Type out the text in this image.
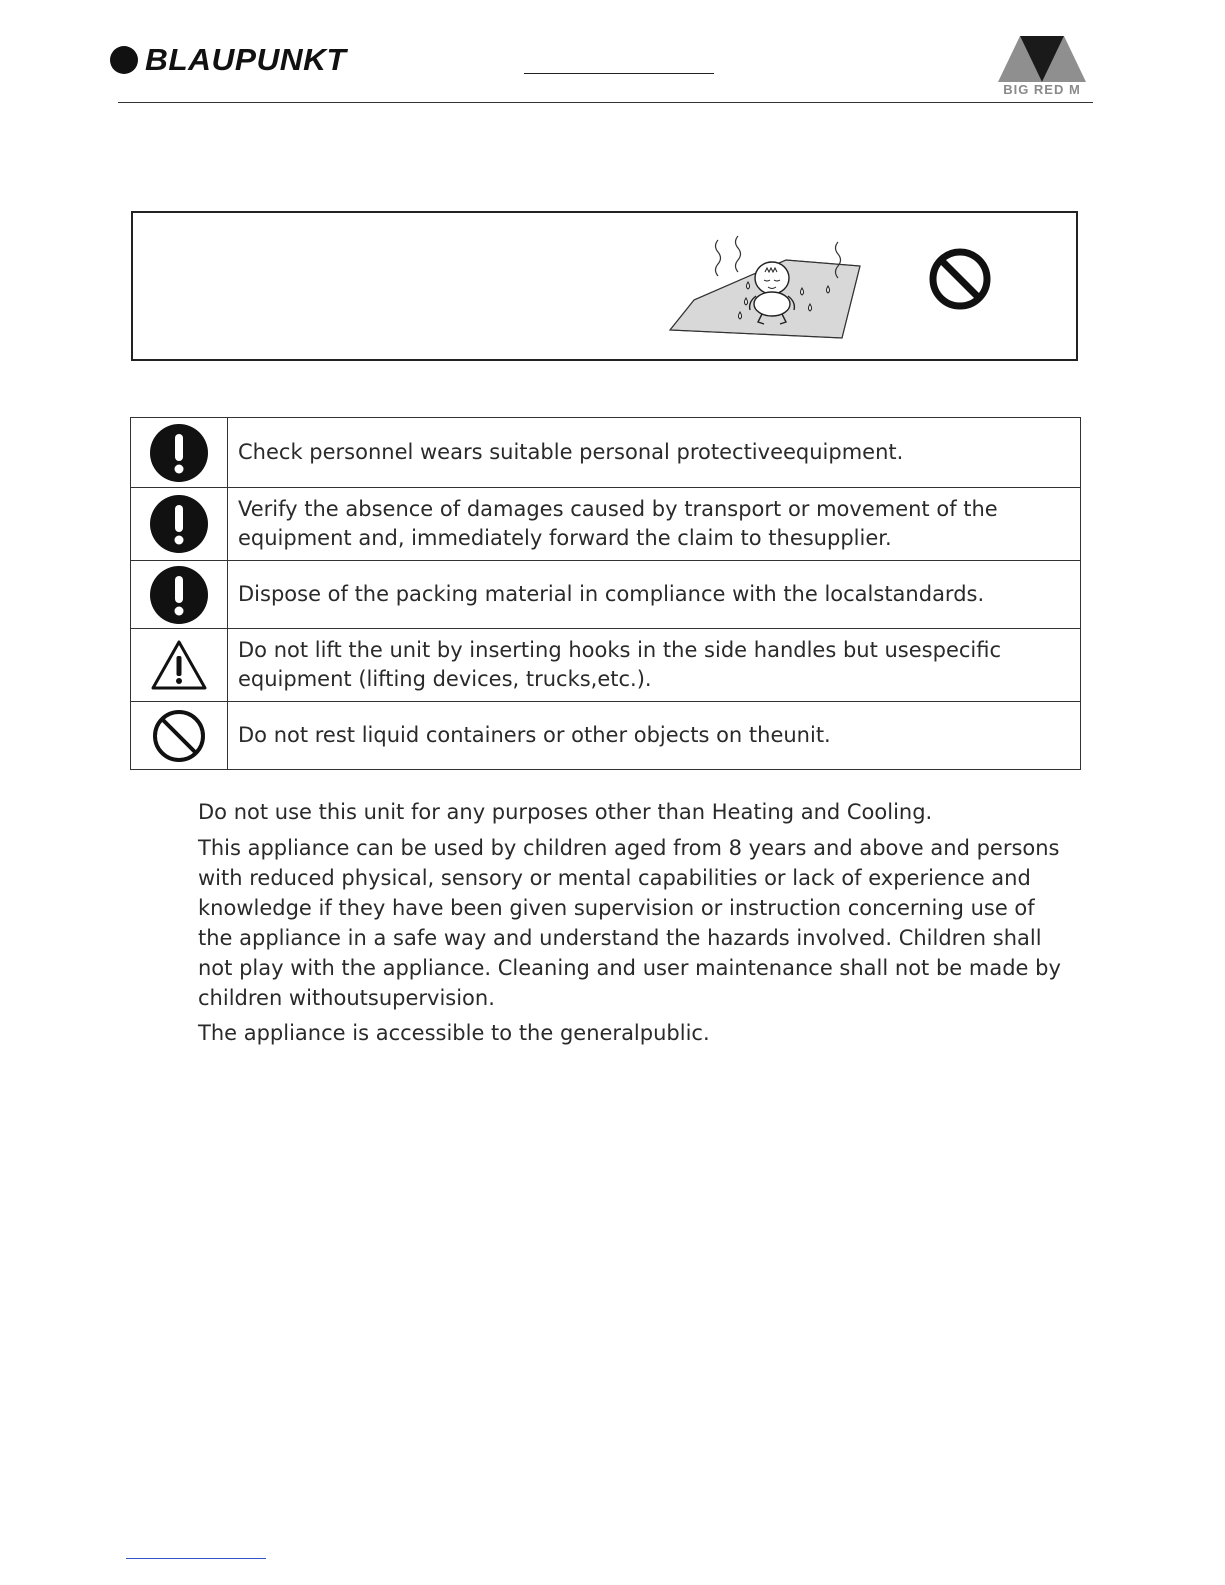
BLAUPUNKT
BIG RED M
	Check personnel wears suitable personal protectiveequipment.

	Verify the absence of damages caused by transport or movement of the equipment and, immediately forward the claim to thesupplier.

	Dispose of the packing material in compliance with the localstandards.

	Do not lift the unit by inserting hooks in the side handles but usespecific equipment (lifting devices, trucks,etc.).

	Do not rest liquid containers or other objects on theunit.
Do not use this unit for any purposes other than Heating and Cooling.
This appliance can be used by children aged from 8 years and above and persons with reduced physical, sensory or mental capabilities or lack of experience and knowledge if they have been given supervision or instruction concerning use of the appliance in a safe way and understand the hazards involved. Children shall not play with the appliance. Cleaning and user maintenance shall not be made by children withoutsupervision.
The appliance is accessible to the generalpublic.
